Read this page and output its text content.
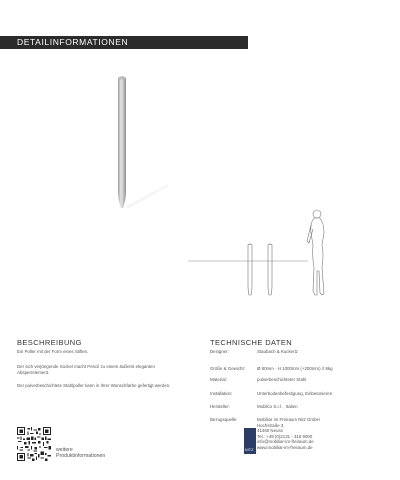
DETAILINFORMATIONEN
BESCHREIBUNG	TECHNISCHE DATEN

Ein Poller mit der Form eines Stiftes.

Der sich verjüngende Sockel macht Pencil zu einem äußerst eleganten Absperrelement.

Der pulverbeschichtete Stahlpoller kann in Ihrer Wunschfarbe gefertigt werden.

Designer:	Staubach & Kuckertz
Größe & Gewicht:	Ø 80mm · H 1000mm (+200mm) // 8kg
Material:	pulverbeschichteter Stahl
Installation:	Unterbodenbefestigung, Einbetonieren
Hersteller:	Mobilco S.r.l. , Italien
Bezugsquelle:	Mobiliar im Freiraum Nitz GmbH
Hochstraße 3
41460 Neuss
Tel.: +49 (0)2131 - 316 9000
info@mobiliar-im-freiraum.de
www.mobiliar-im-freiraum.de
weitere
Produktinformationen
NITZ
